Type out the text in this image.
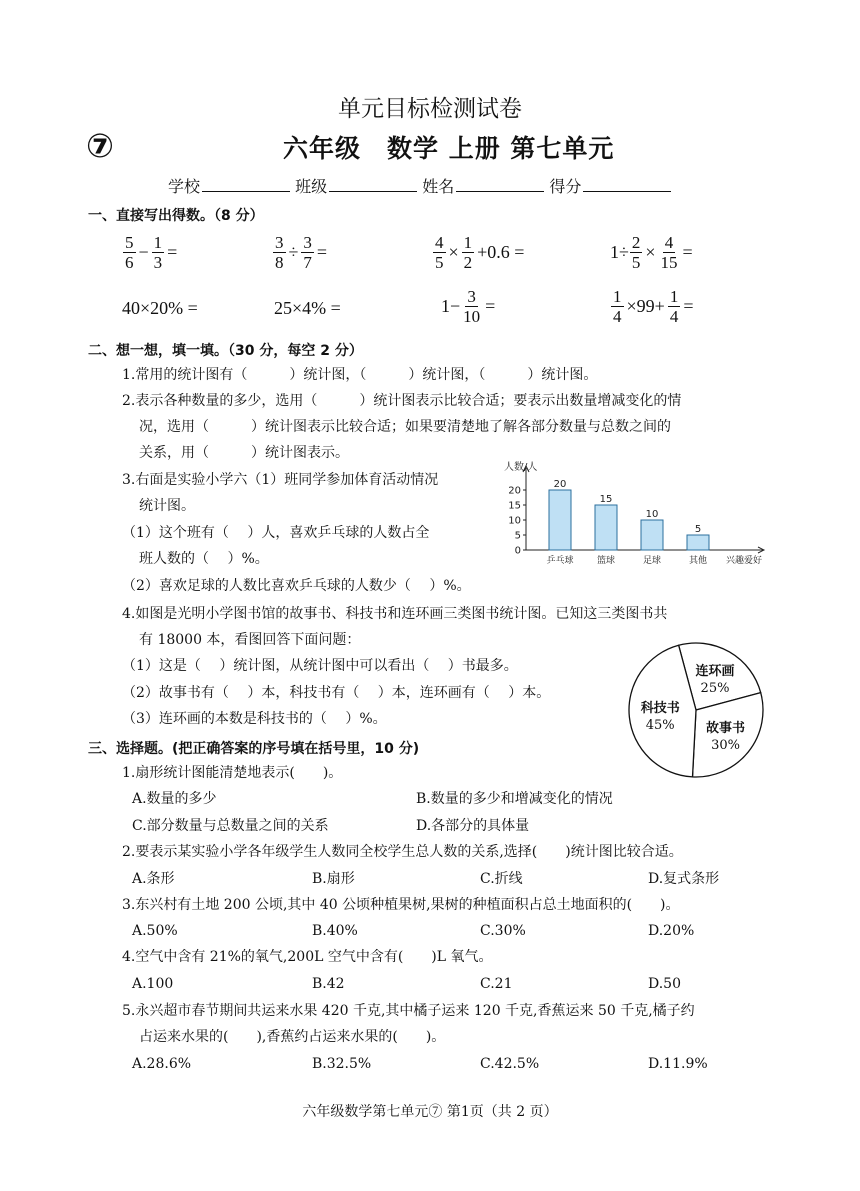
单元目标检测试卷
⑦	六年级　数学 上册 第七单元
学校	班级	姓名	得分
一、直接写出得数。（8 分）
$\frac{5}{6} - \frac{1}{3}$ =	$\frac{3}{8} \div \frac{3}{7}$ =	$\frac{4}{5} \times \frac{1}{2} +0.6$ =	$1\div \frac{2}{5} \times \frac{4}{15}$ =
40×20% =	25×4% =	$1- \frac{3}{10}$ =	$\frac{1}{4} \times 99+ \frac{1}{4}$ =
二、想一想，填一填。（30 分，每空 2 分）
1.常用的统计图有（　　　）统计图，（　　　）统计图，（　　　）统计图。
2.表示各种数量的多少，选用（　　　）统计图表示比较合适；要表示出数量增减变化的情
况，选用（　　　）统计图表示比较合适；如果要清楚地了解各部分数量与总数之间的
关系，用（　　　）统计图表示。
3.右面是实验小学六（1）班同学参加体育活动情况
统计图。
（1）这个班有（　 ）人，喜欢乒乓球的人数占全
班人数的（　 ）%。
（2）喜欢足球的人数比喜欢乒乓球的人数少（　 ）%。
4.如图是光明小学图书馆的故事书、科技书和连环画三类图书统计图。已知这三类图书共
有 18000 本，看图回答下面问题：
（1）这是（　 ）统计图，从统计图中可以看出（　 ）书最多。
（2）故事书有（　 ）本，科技书有（　 ）本，连环画有（　 ）本。
（3）连环画的本数是科技书的（　 ）%。
人数/人
0
5
10
15
20
20
乒乓球
15
篮球
10
足球
5
其他 兴趣爱好
科技书
45%
连环画
25%
故事书
30%
三、选择题。(把正确答案的序号填在括号里，10 分)
1.扇形统计图能清楚地表示(　　)。
A.数量的多少	B.数量的多少和增减变化的情况
C.部分数量与总数量之间的关系	D.各部分的具体量
2.要表示某实验小学各年级学生人数同全校学生总人数的关系,选择(　　)统计图比较合适。
A.条形	B.扇形	C.折线	D.复式条形
3.东兴村有土地 200 公顷,其中 40 公顷种植果树,果树的种植面积占总土地面积的(　　)。
A.50%	B.40%	C.30%	D.20%
4.空气中含有 21%的氧气,200L 空气中含有(　　)L 氧气。
A.100	B.42	C.21	D.50
5.永兴超市春节期间共运来水果 420 千克,其中橘子运来 120 千克,香蕉运来 50 千克,橘子约
占运来水果的(　　),香蕉约占运来水果的(　　)。
A.28.6%	B.32.5%	C.42.5%	D.11.9%
六年级数学第七单元⑦ 第1页（共 2 页）
